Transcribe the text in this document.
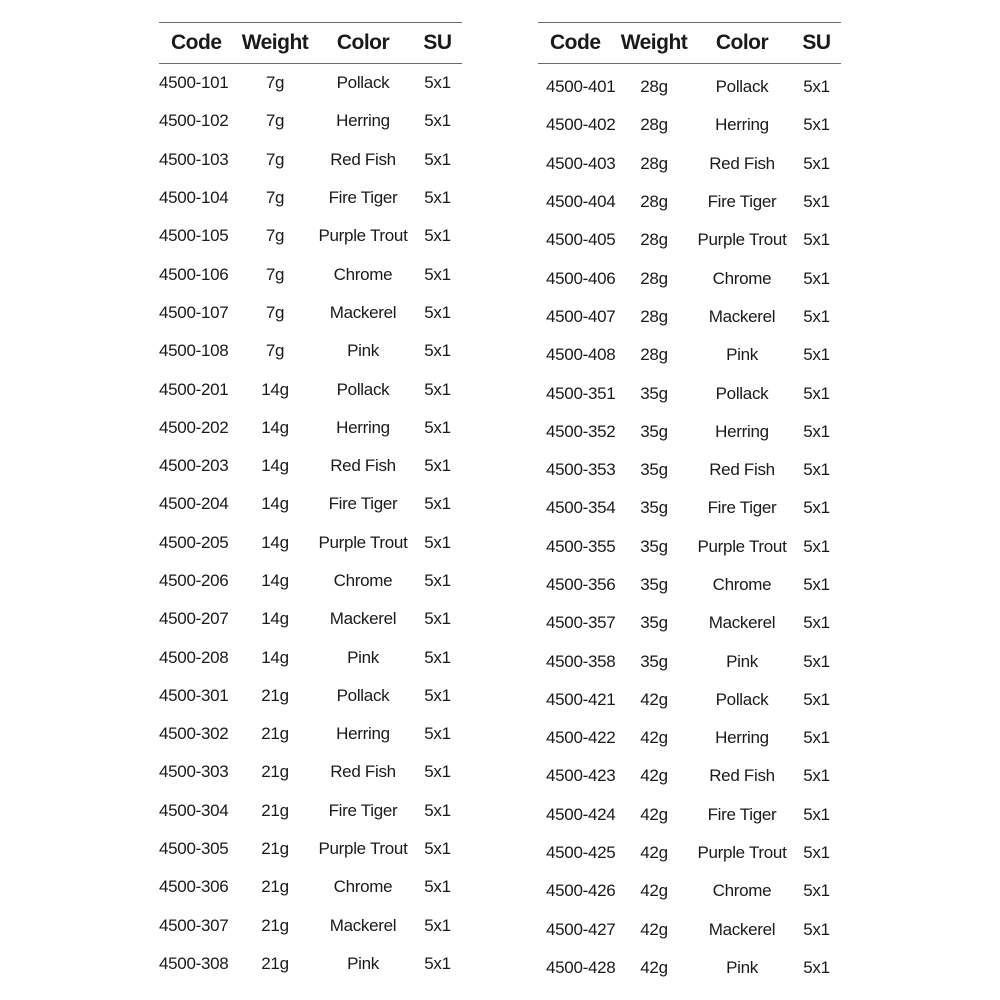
Code Weight	Color	SU
4500-101	7g	Pollack	5x1
4500-102	7g	Herring	5x1
4500-103	7g	Red Fish	5x1
4500-104	7g	Fire Tiger	5x1
4500-105	7g	Purple Trout 5x1
4500-106	7g	Chrome	5x1
4500-107	7g	Mackerel	5x1
4500-108	7g	Pink	5x1
4500-201	14g	Pollack	5x1
4500-202	14g	Herring	5x1
4500-203	14g	Red Fish	5x1
4500-204	14g	Fire Tiger	5x1
4500-205	14g	Purple Trout 5x1
4500-206	14g	Chrome	5x1
4500-207	14g	Mackerel	5x1
4500-208	14g	Pink	5x1
4500-301	21g	Pollack	5x1
4500-302	21g	Herring	5x1
4500-303	21g	Red Fish	5x1
4500-304	21g	Fire Tiger	5x1
4500-305	21g	Purple Trout 5x1
4500-306	21g	Chrome	5x1
4500-307	21g	Mackerel	5x1
4500-308	21g	Pink	5x1
Code Weight	Color	SU
4500-401	28g	Pollack	5x1
4500-402	28g	Herring	5x1
4500-403	28g	Red Fish	5x1
4500-404	28g	Fire Tiger	5x1
4500-405	28g	Purple Trout 5x1
4500-406	28g	Chrome	5x1
4500-407	28g	Mackerel	5x1
4500-408	28g	Pink	5x1
4500-351	35g	Pollack	5x1
4500-352	35g	Herring	5x1
4500-353	35g	Red Fish	5x1
4500-354	35g	Fire Tiger	5x1
4500-355	35g	Purple Trout 5x1
4500-356	35g	Chrome	5x1
4500-357	35g	Mackerel	5x1
4500-358	35g	Pink	5x1
4500-421	42g	Pollack	5x1
4500-422	42g	Herring	5x1
4500-423	42g	Red Fish	5x1
4500-424	42g	Fire Tiger	5x1
4500-425	42g	Purple Trout 5x1
4500-426	42g	Chrome	5x1
4500-427	42g	Mackerel	5x1
4500-428	42g	Pink	5x1
